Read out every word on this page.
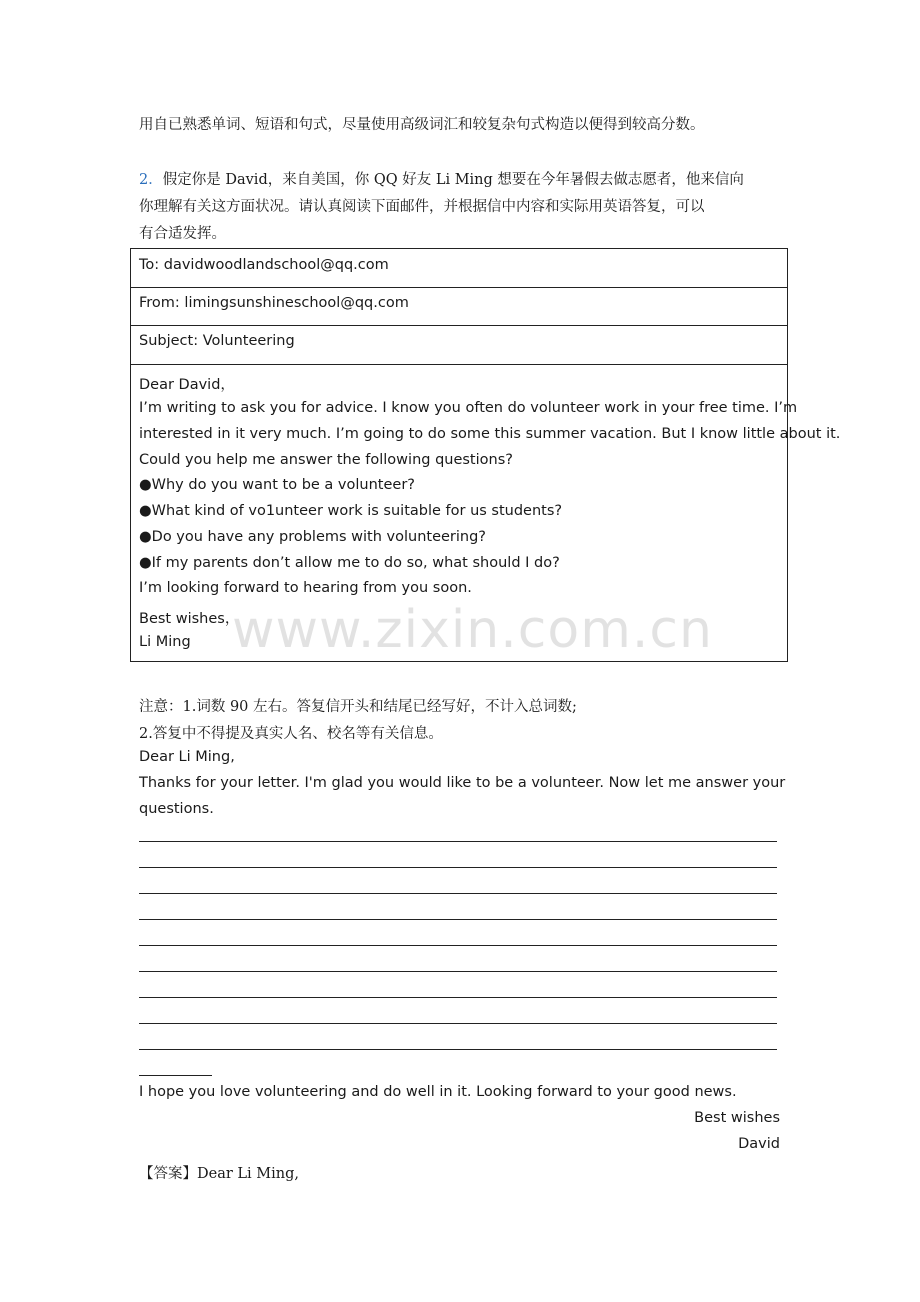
用自已熟悉单词、短语和句式，尽量使用高级词汇和较复杂句式构造以便得到较高分数。
2．假定你是 David，来自美国，你 QQ 好友 Li Ming 想要在今年暑假去做志愿者，他来信向
你理解有关这方面状况。请认真阅读下面邮件，并根据信中内容和实际用英语答复，可以
有合适发挥。
To: davidwoodlandschool@qq.com
From: limingsunshineschool@qq.com
Subject: Volunteering
Dear David，
I’m writing to ask you for advice. I know you often do volunteer work in your free time. I’m
interested in it very much. I’m going to do some this summer vacation. But I know little about it.
Could you help me answer the following questions?
●Why do you want to be a volunteer?
●What kind of vo1unteer work is suitable for us students?
●Do you have any problems with volunteering?
●If my parents don’t allow me to do so, what should I do?
I’m looking forward to hearing from you soon.
Best wishes，
Li Ming www.zixin.com.cn
注意：1.词数 90 左右。答复信开头和结尾已经写好，不计入总词数;
2.答复中不得提及真实人名、校名等有关信息。
Dear Li Ming,
Thanks for your letter. I'm glad you would like to be a volunteer. Now let me answer your
questions.
I hope you love volunteering and do well in it. Looking forward to your good news.
Best wishes
David
【答案】Dear Li Ming,
